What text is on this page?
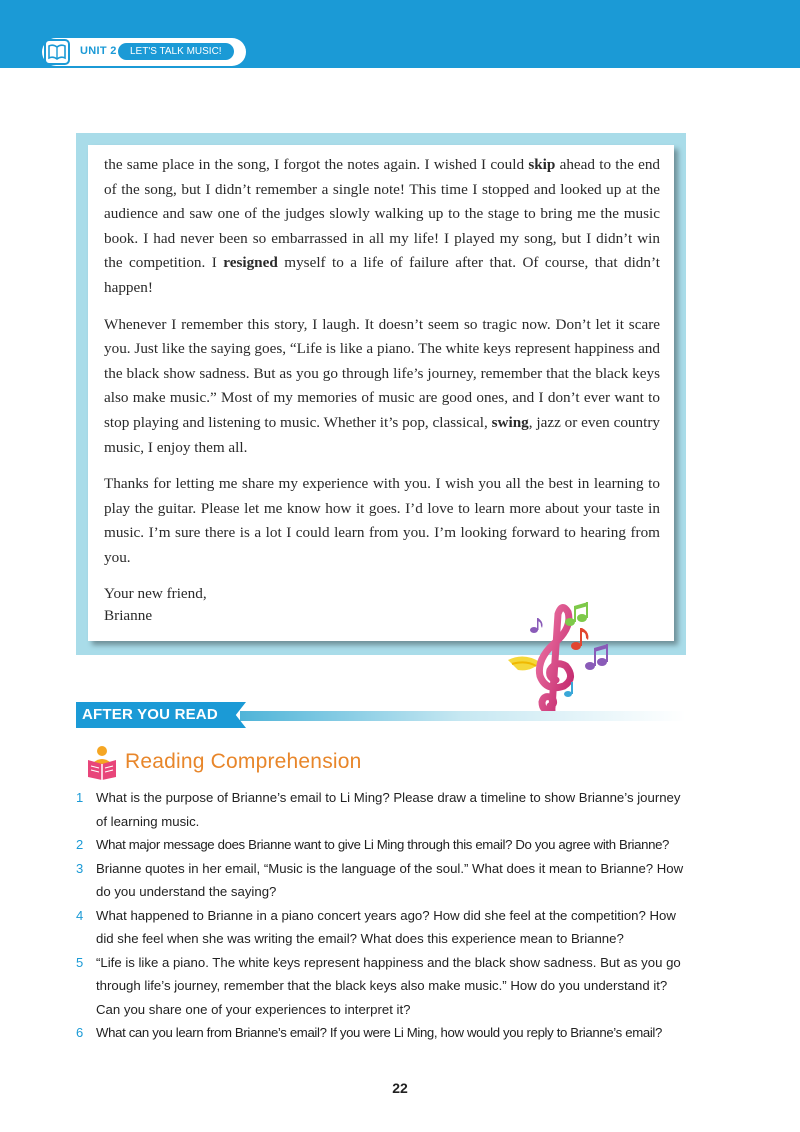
UNIT 2	LET'S TALK MUSIC!

the same place in the song, I forgot the notes again. I wished I could skip ahead to the end of the song, but I didn’t remember a single note! This time I stopped and looked up at the audience and saw one of the judges slowly walking up to the stage to bring me the music book. I had never been so embarrassed in all my life! I played my song, but I didn’t win the competition. I resigned myself to a life of failure after that. Of course, that didn’t happen!

Whenever I remember this story, I laugh. It doesn’t seem so tragic now. Don’t let it scare you. Just like the saying goes, “Life is like a piano. The white keys represent happiness and the black show sadness. But as you go through life’s journey, remember that the black keys also make music.” Most of my memories of music are good ones, and I don’t ever want to stop playing and listening to music. Whether it’s pop, classical, swing, jazz or even country music, I enjoy them all.

Thanks for letting me share my experience with you. I wish you all the best in learning to play the guitar. Please let me know how it goes. I’d love to learn more about your taste in music. I’m sure there is a lot I could learn from you. I’m looking forward to hearing from you.

Your new friend,
Brianne
AFTER YOU READ
Reading Comprehension
1 What is the purpose of Brianne’s email to Li Ming? Please draw a timeline to show Brianne’s journey of learning music.
2 What major message does Brianne want to give Li Ming through this email? Do you agree with Brianne?
3 Brianne quotes in her email, “Music is the language of the soul.” What does it mean to Brianne? How do you understand the saying?
4 What happened to Brianne in a piano concert years ago? How did she feel at the competition? How did she feel when she was writing the email? What does this experience mean to Brianne?
5 “Life is like a piano. The white keys represent happiness and the black show sadness. But as you go through life’s journey, remember that the black keys also make music.” How do you understand it? Can you share one of your experiences to interpret it?
6 What can you learn from Brianne’s email? If you were Li Ming, how would you reply to Brianne’s email?
22
